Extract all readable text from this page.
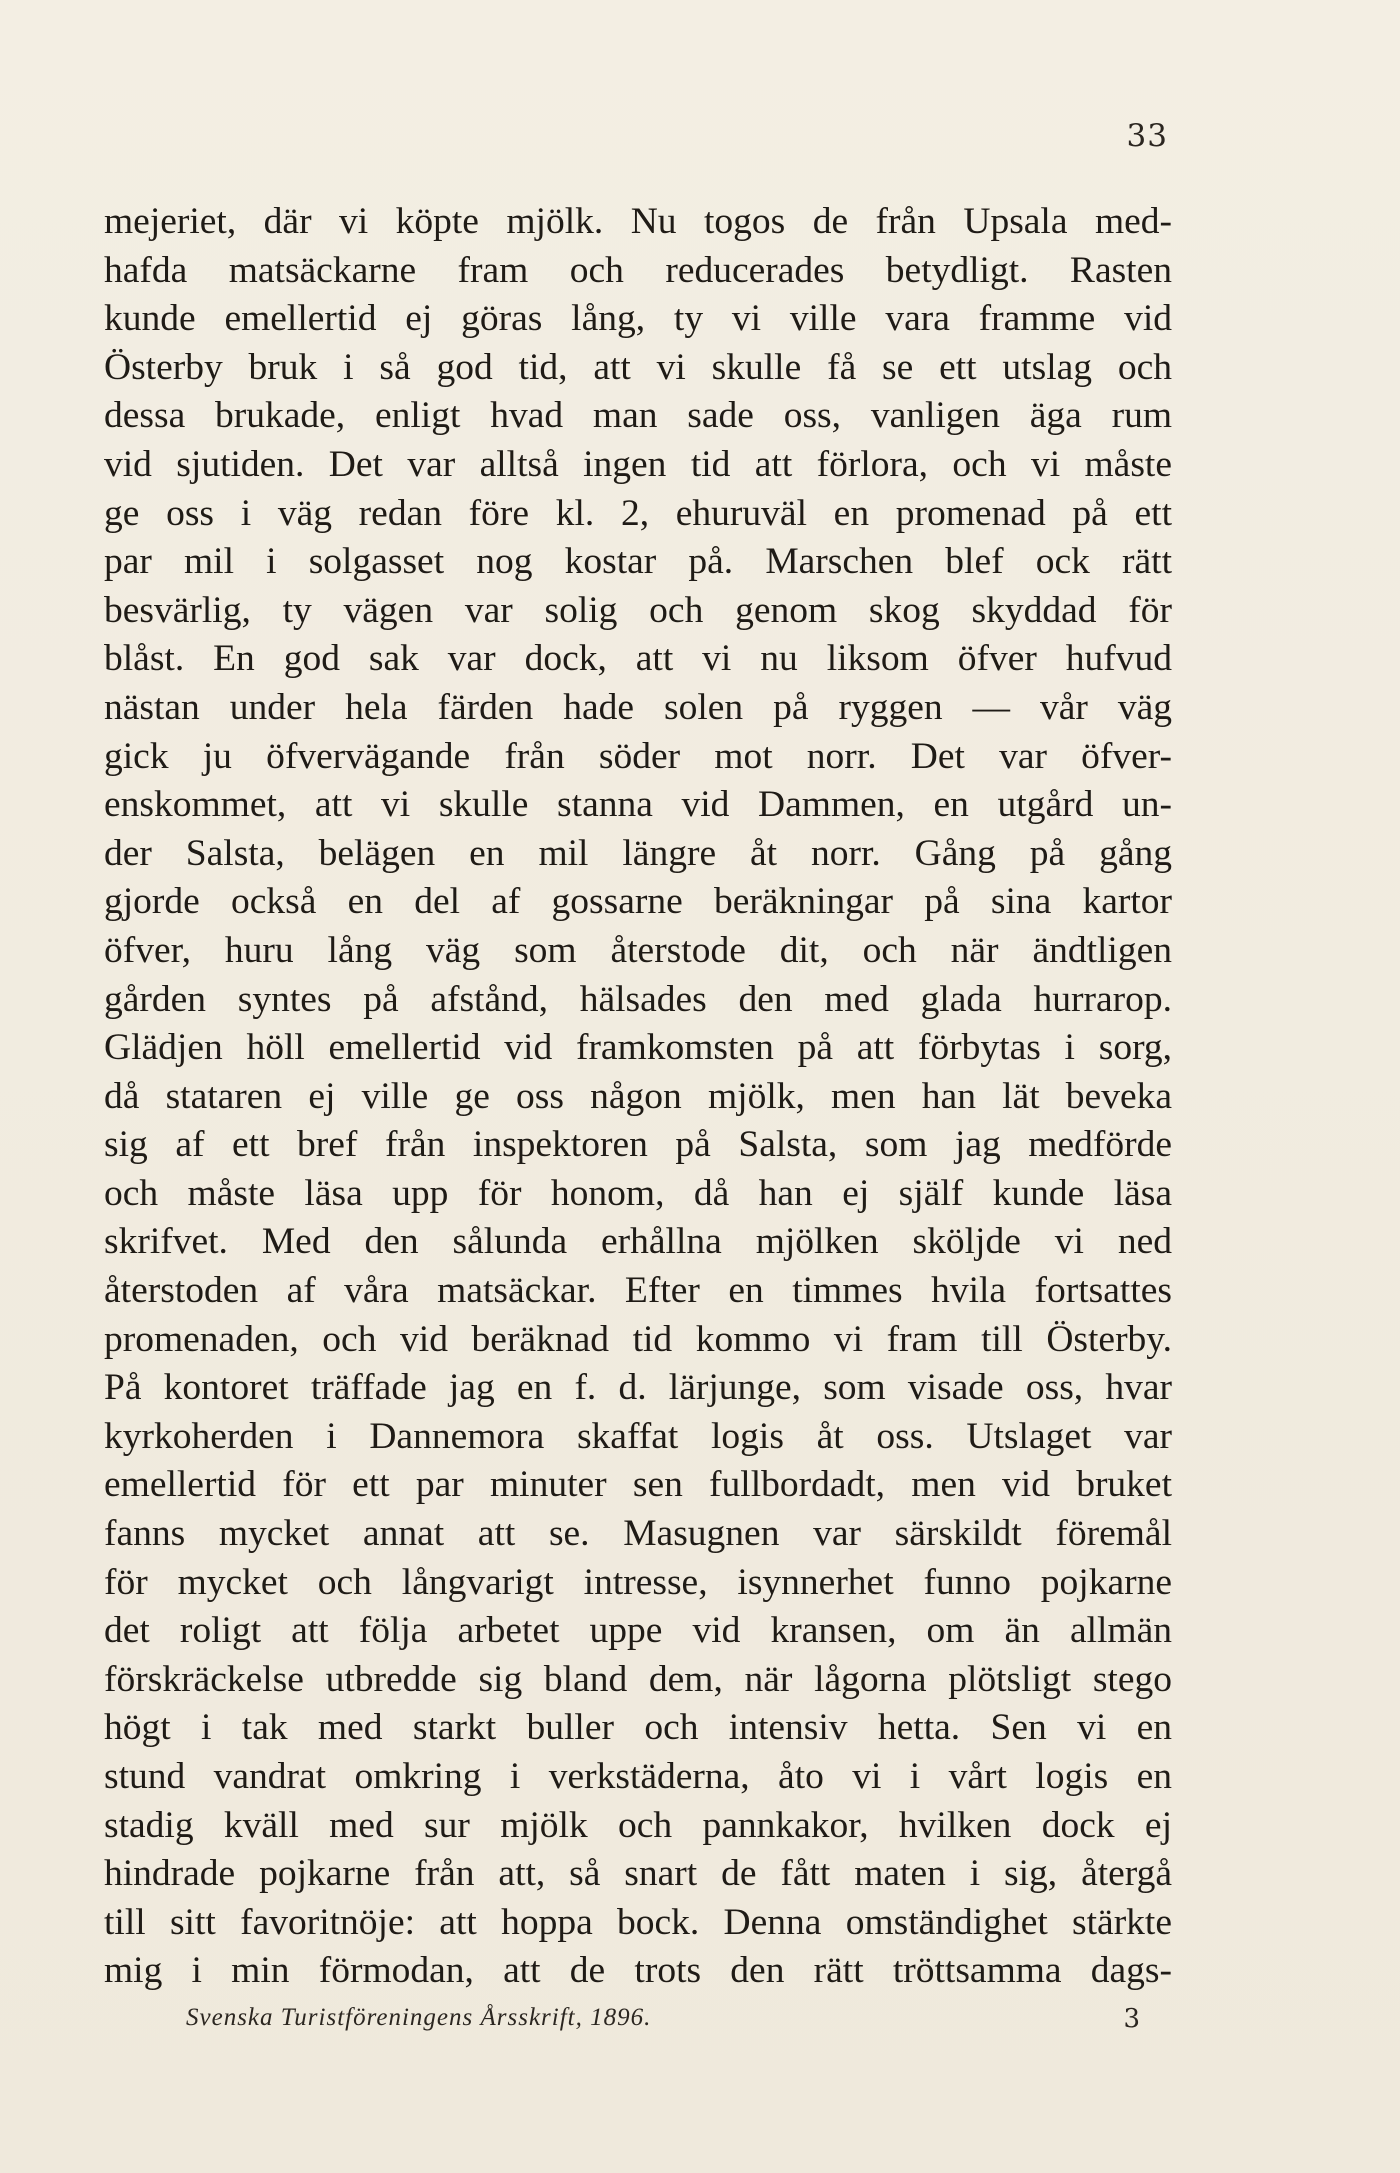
33
mejeriet, där vi köpte mjölk. Nu togos de från Upsala med-
hafda matsäckarne fram och reducerades betydligt. Rasten
kunde emellertid ej göras lång, ty vi ville vara framme vid
Österby bruk i så god tid, att vi skulle få se ett utslag och
dessa brukade, enligt hvad man sade oss, vanligen äga rum
vid sjutiden. Det var alltså ingen tid att förlora, och vi måste
ge oss i väg redan före kl. 2, ehuruväl en promenad på ett
par mil i solgasset nog kostar på. Marschen blef ock rätt
besvärlig, ty vägen var solig och genom skog skyddad för
blåst. En god sak var dock, att vi nu liksom öfver hufvud
nästan under hela färden hade solen på ryggen — vår väg
gick ju öfvervägande från söder mot norr. Det var öfver-
enskommet, att vi skulle stanna vid Dammen, en utgård un-
der Salsta, belägen en mil längre åt norr. Gång på gång
gjorde också en del af gossarne beräkningar på sina kartor
öfver, huru lång väg som återstode dit, och när ändtligen
gården syntes på afstånd, hälsades den med glada hurrarop.
Glädjen höll emellertid vid framkomsten på att förbytas i sorg,
då stataren ej ville ge oss någon mjölk, men han lät beveka
sig af ett bref från inspektoren på Salsta, som jag medförde
och måste läsa upp för honom, då han ej själf kunde läsa
skrifvet. Med den sålunda erhållna mjölken sköljde vi ned
återstoden af våra matsäckar. Efter en timmes hvila fortsattes
promenaden, och vid beräknad tid kommo vi fram till Österby.
På kontoret träffade jag en f. d. lärjunge, som visade oss, hvar
kyrkoherden i Dannemora skaffat logis åt oss. Utslaget var
emellertid för ett par minuter sen fullbordadt, men vid bruket
fanns mycket annat att se. Masugnen var särskildt föremål
för mycket och långvarigt intresse, isynnerhet funno pojkarne
det roligt att följa arbetet uppe vid kransen, om än allmän
förskräckelse utbredde sig bland dem, när lågorna plötsligt stego
högt i tak med starkt buller och intensiv hetta. Sen vi en
stund vandrat omkring i verkstäderna, åto vi i vårt logis en
stadig kväll med sur mjölk och pannkakor, hvilken dock ej
hindrade pojkarne från att, så snart de fått maten i sig, återgå
till sitt favoritnöje: att hoppa bock. Denna omständighet stärkte
mig i min förmodan, att de trots den rätt tröttsamma dags-
Svenska Turistföreningens Årsskrift, 1896.	3
